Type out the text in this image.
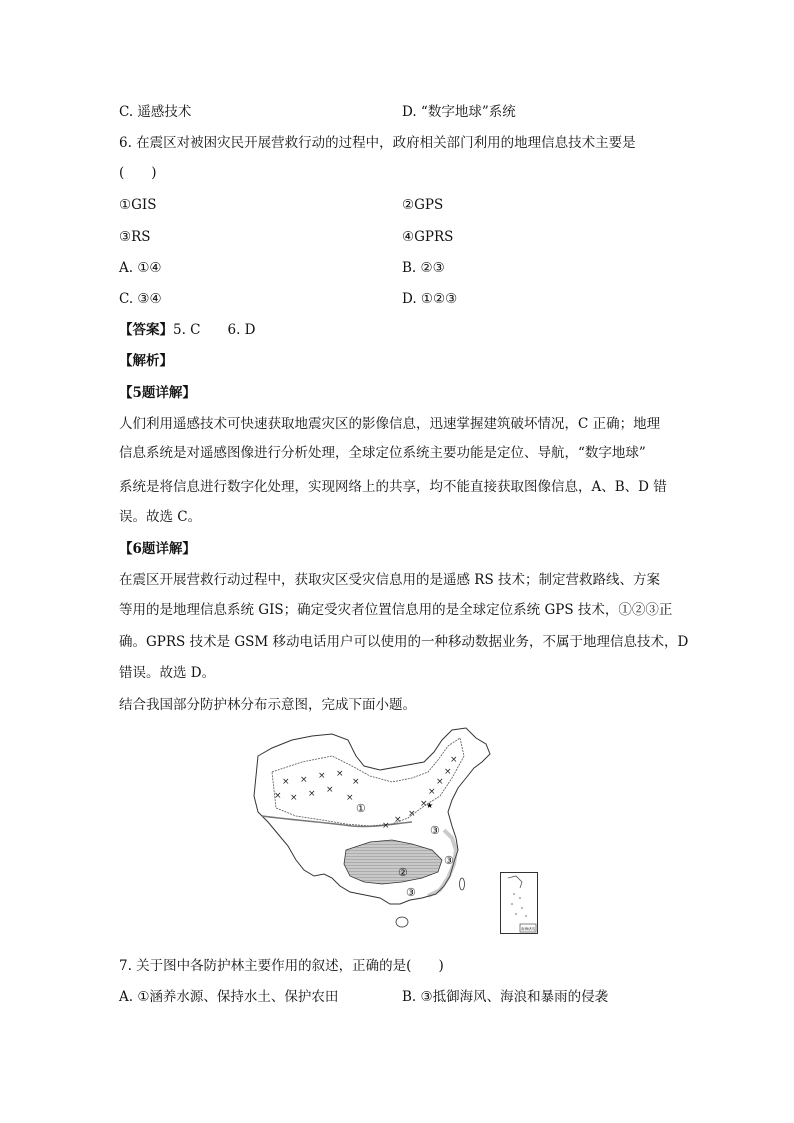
C. 遥感技术	D. “数字地球”系统
6. 在震区对被困灾民开展营救行动的过程中，政府相关部门利用的地理信息技术主要是
(　　)
①GIS	②GPS
③RS	④GPRS
A. ①④	B. ②③
C. ③④	D. ①②③
【答案】5. C　　6. D
【解析】
【5题详解】
人们利用遥感技术可快速获取地震灾区的影像信息，迅速掌握建筑破坏情况，C 正确；地理
信息系统是对遥感图像进行分析处理，全球定位系统主要功能是定位、导航，“数字地球”
系统是将信息进行数字化处理，实现网络上的共享，均不能直接获取图像信息，A、B、D 错
误。故选 C。
【6题详解】
在震区开展营救行动过程中，获取灾区受灾信息用的是遥感 RS 技术；制定营救路线、方案
等用的是地理信息系统 GIS；确定受灾者位置信息用的是全球定位系统 GPS 技术，①②③正
确。GPRS 技术是 GSM 移动电话用户可以使用的一种移动数据业务，不属于地理信息技术，D
错误。故选 D。
结合我国部分防护林分布示意图，完成下面小题。
× × × ×
× × × ×
×
×
×
×
×
×
×
×
×
×
★
①
②
③
③
③
南海诸岛
7. 关于图中各防护林主要作用的叙述，正确的是(　　)
A. ①涵养水源、保持水土、保护农田	B. ③抵御海风、海浪和暴雨的侵袭
